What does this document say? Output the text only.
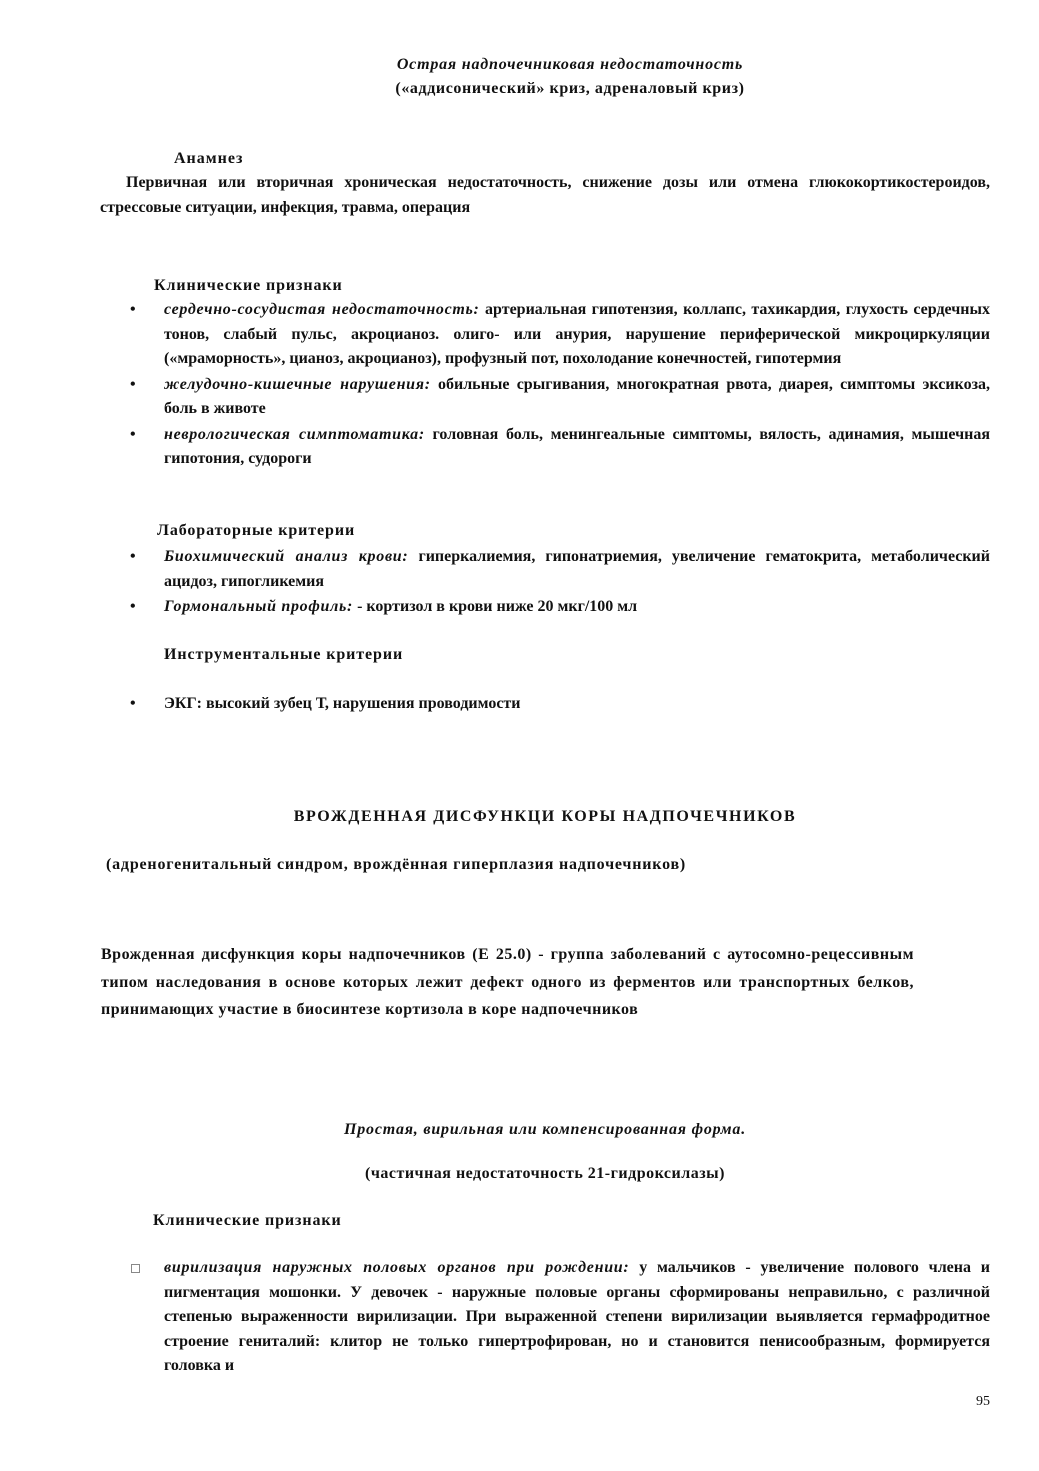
Острая надпочечниковая недостаточность
(«аддисонический» криз, адреналовый криз)
Анамнез

Первичная или вторичная хроническая недостаточность, снижение дозы или отмена глюкокортикостероидов, стрессовые ситуации, инфекция, травма, операция

Клинические признаки
• сердечно-сосудистая недостаточность: артериальная гипотензия, коллапс, тахикардия, глухость сердечных тонов, слабый пульс, акроцианоз. олиго- или анурия, нарушение периферической микроциркуляции («мраморность», цианоз, акроцианоз), профузный пот, похолодание конечностей, гипотермия
• желудочно-кишечные нарушения: обильные срыгивания, многократная рвота, диарея, симптомы эксикоза, боль в животе
• неврологическая симптоматика: головная боль, менингеальные симптомы, вялость, адинамия, мышечная гипотония, судороги
Лабораторные критерии
• Биохимический анализ крови: гиперкалиемия, гипонатриемия, увеличение гематокрита, метаболический ацидоз, гипогликемия
• Гормональный профиль: - кортизол в крови ниже 20 мкг/100 мл
Инструментальные критерии
• ЭКГ: высокий зубец Т, нарушения проводимости
ВРОЖДЕННАЯ ДИСФУНКЦИ КОРЫ НАДПОЧЕЧНИКОВ
(адреногенитальный синдром, врождённая гиперплазия надпочечников)

Врожденная дисфункция коры надпочечников (Е 25.0) - группа заболеваний с аутосомно-рецессивным типом наследования в основе которых лежит дефект одного из ферментов или транспортных белков, принимающих участие в биосинтезе кортизола в коре надпочечников

Простая, вирильная или компенсированная форма.
(частичная недостаточность 21-гидроксилазы)
Клинические признаки
вирилизация наружных половых органов при рождении: у мальчиков - увеличение полового члена и пигментация мошонки. У девочек - наружные половые органы сформированы неправильно, с различной степенью выраженности вирилизации. При выраженной степени вирилизации выявляется гермафродитное строение гениталий: клитор не только гипертрофирован, но и становится пенисообразным, формируется головка и
95
